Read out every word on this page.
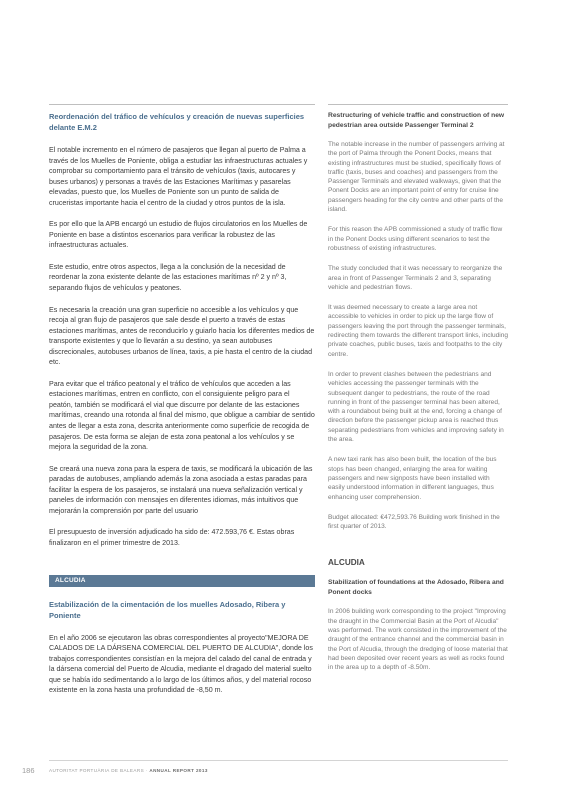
Reordenación del tráfico de vehículos y creación de nuevas superficies delante E.M.2

El notable incremento en el número de pasajeros que llegan al puerto de Palma a través de los Muelles de Poniente, obliga a estudiar las infraestructuras actuales y comprobar su comportamiento para el tránsito de vehículos (taxis, autocares y buses urbanos) y personas a través de las Estaciones Marítimas y pasarelas elevadas, puesto que, los Muelles de Poniente son un punto de salida de cruceristas importante hacia el centro de la ciudad y otros puntos de la isla.

Es por ello que la APB encargó un estudio de flujos circulatorios en los Muelles de Poniente en base a distintos escenarios para verificar la robustez de las infraestructuras actuales.

Este estudio, entre otros aspectos, llega a la conclusión de la necesidad de reordenar la zona existente delante de las estaciones marítimas nº 2 y nº 3, separando flujos de vehículos y peatones.

Es necesaria la creación una gran superficie no accesible a los vehículos y que recoja al gran flujo de pasajeros que sale desde el puerto a través de estas estaciones marítimas, antes de reconducirlo y guiarlo hacia los diferentes medios de transporte existentes y que lo llevarán a su destino, ya sean autobuses discrecionales, autobuses urbanos de línea, taxis, a pie hasta el centro de la ciudad etc.

Para evitar que el tráfico peatonal y el tráfico de vehículos que acceden a las estaciones marítimas, entren en conflicto, con el consiguiente peligro para el peatón, también se modificará el vial que discurre por delante de las estaciones marítimas, creando una rotonda al final del mismo, que obligue a cambiar de sentido antes de llegar a esta zona, descrita anteriormente como superficie de recogida de pasajeros. De esta forma se alejan de esta zona peatonal a los vehículos y se mejora la seguridad de la zona.

Se creará una nueva zona para la espera de taxis, se modificará la ubicación de las paradas de autobuses, ampliando además la zona asociada a estas paradas para facilitar la espera de los pasajeros, se instalará una nueva señalización vertical y paneles de información con mensajes en diferentes idiomas, más intuitivos que mejorarán la comprensión por parte del usuario

El presupuesto de inversión adjudicado ha sido de: 472.593,76 €. Estas obras finalizaron en el primer trimestre de 2013.

ALCUDIA
Estabilización de la cimentación de los muelles Adosado, Ribera y Poniente

En el año 2006 se ejecutaron las obras correspondientes al proyecto"MEJORA DE CALADOS DE LA DÁRSENA COMERCIAL DEL PUERTO DE ALCUDIA", donde los trabajos correspondientes consistían en la mejora del calado del canal de entrada y la dársena comercial del Puerto de Alcudia, mediante el dragado del material suelto que se había ido sedimentando a lo largo de los últimos años, y del material rocoso existente en la zona hasta una profundidad de -8,50 m.

Restructuring of vehicle traffic and construction of new pedestrian area outside Passenger Terminal 2

The notable increase in the number of passengers arriving at the port of Palma through the Ponent Docks, means that existing infrastructures must be studied, specifically flows of traffic (taxis, buses and coaches) and passengers from the Passenger Terminals and elevated walkways, given that the Ponent Docks are an important point of entry for cruise line passengers heading for the city centre and other parts of the island.

For this reason the APB commissioned a study of traffic flow in the Ponent Docks using different scenarios to test the robustness of existing infrastructures.

The study concluded that it was necessary to reorganize the area in front of Passenger Terminals 2 and 3, separating vehicle and pedestrian flows.

It was deemed necessary to create a large area not accessible to vehicles in order to pick up the large flow of passengers leaving the port through the passenger terminals, redirecting them towards the different transport links, including private coaches, public buses, taxis and footpaths to the city centre.

In order to prevent clashes between the pedestrians and vehicles accessing the passenger terminals with the subsequent danger to pedestrians, the route of the road running in front of the passenger terminal has been altered, with a roundabout being built at the end, forcing a change of direction before the passenger pickup area is reached thus separating pedestrians from vehicles and improving safety in the area.

A new taxi rank has also been built, the location of the bus stops has been changed, enlarging the area for waiting passengers and new signposts have been installed with easily understood information in different languages, thus enhancing user comprehension.

Budget allocated: €472,593.76 Building work finished in the first quarter of 2013.

ALCUDIA
Stabilization of foundations at the Adosado, Ribera and Ponent docks

In 2006 building work corresponding to the project "Improving the draught in the Commercial Basin at the Port of Alcudia" was performed. The work consisted in the improvement of the draught of the entrance channel and the commercial basin in the Port of Alcudia, through the dredging of loose material that had been deposited over recent years as well as rocks found in the area up to a depth of -8.50m.

186	AUTORITAT PORTUÀRIA DE BALEARS · ANNUAL REPORT 2013
